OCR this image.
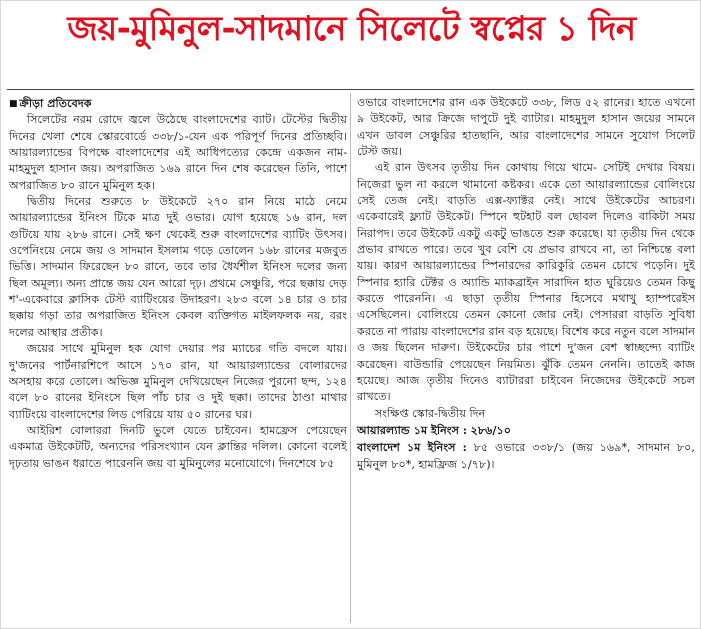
জয়-মুমিনুল-সাদমানে সিলেটে স্বপ্নের ১ দিন

■ ক্রীড়া প্রতিবেদক

সিলেটের নরম রোদে জ্বলে উঠেছে বাংলাদেশের ব্যাট। টেস্টের দ্বিতীয় দিনের খেলা শেষে স্কোরবোর্ডে ৩৩৮/১-যেন এক পরিপূর্ণ দিনের প্রতিচ্ছবি। আয়ারল্যান্ডের বিপক্ষে বাংলাদেশের এই আধিপত্যের কেন্দ্রে একজন নাম-মাহমুদুল হাসান জয়। অপরাজিত ১৬৯ রানে দিন শেষ করেছেন তিনি, পাশে অপরাজিত ৮০ রানে মুমিনুল হক।

দ্বিতীয় দিনের শুরুতে ৮ উইকেটে ২৭০ রান নিয়ে মাঠে নেমে আয়ারল্যান্ডের ইনিংস টিকে মাত্র দুই ওভার। যোগ হয়েছে ১৬ রান, দল গুটিয়ে যায় ২৮৬ রানে। সেই ক্ষণ থেকেই শুরু বাংলাদেশের ব্যাটিং উৎসব। ওপেনিংয়ে নেমে জয় ও সাদমান ইসলাম গড়ে তোলেন ১৬৮ রানের মজবুত ভিত্তি। সাদমান ফিরেছেন ৮০ রানে, তবে তার ধৈর্যশীল ইনিংস দলের জন্য ছিল অমূল্য। অন্য প্রান্তে জয় যেন আরো দৃঢ়। প্রথমে সেঞ্চুরি, পরে ছক্কায় দেড় শ'-একেবারে ক্লাসিক টেস্ট ব্যাটিংয়ের উদাহরণ। ২৮৩ বলে ১৪ চার ও চার ছক্কায় গড়া তার অপরাজিত ইনিংস কেবল ব্যক্তিগত মাইলফলক নয়, বরং দলের আস্থার প্রতীক।

জয়ের সাথে মুমিনুল হক যোগ দেয়ার পর ম্যাচের গতি বদলে যায়। দু'জনের পার্টনারশিপে আসে ১৭০ রান, যা আয়ারল্যান্ডের বোলারদের অসহায় করে তোলে। অভিজ্ঞ মুমিনুল দেখিয়েছেন নিজের পুরনো ছন্দ, ১২৪ বলে ৮০ রানের ইনিংসে ছিল পাঁচ চার ও দুই ছক্কা। তাদের ঠাণ্ডা মাথার ব্যাটিংয়ে বাংলাদেশের লিড পেরিয়ে যায় ৫০ রানের ঘর।

আইরিশ বোলাররা দিনটি ভুলে যেতে চাইবেন। হামফ্রেস পেয়েছেন একমাত্র উইকেটটি, অন্যদের পরিসংখ্যান যেন ক্লান্তির দলিল। কোনো বলেই দৃঢ়তায় ভাঙন ধরাতে পারেননি জয় বা মুমিনুলের মনোযোগে। দিনশেষে ৮৫

ওভারে বাংলাদেশের রান এক উইকেটে ৩৩৮, লিড ৫২ রানের। হাতে এখনো ৯ উইকেট, আর ক্রিজে দাপুটে দুই ব্যাটার। মাহমুদুল হাসান জয়ের সামনে এখন ডাবল সেঞ্চুরির হাতছানি, আর বাংলাদেশের সামনে সুযোগ সিলেট টেস্ট জয়।

এই রান উৎসব তৃতীয় দিন কোথায় গিয়ে থামে- সেটিই দেখার বিষয়। নিজেরা ভুল না করলে থামানো কষ্টকর। একে তো আয়ারল্যান্ডের বোলিংয়ে সেই তেজ নেই। বাড়তি এক্স-ফ্যাক্টর নেই। সাথে উইকেটের আচরণ। একেবারেই ফ্ল্যাট উইকেট। স্পিনে হুটহাট বল ছোবল দিলেও বাকিটা সময় নিরাপদ। তবে উইকেট একটু একটু ভাঙতে শুরু করেছে। যা তৃতীয় দিন থেকে প্রভাব রাখতে পারে। তবে খুব বেশি যে প্রভাব রাখবে না, তা নিশ্চিন্তে বলা যায়। কারণ আয়ারল্যান্ডের স্পিনারদের কারিকুরি তেমন চোখে পড়েনি। দুই স্পিনার হ্যারি টেক্টর ও অ্যান্ডি ম্যাকব্রাইন সারাদিন হাত ঘুরিয়েও তেমন কিছু করতে পারেননি। এ ছাড়া তৃতীয় স্পিনার হিসেবে মথাখু হ্যাম্পরেইস এসেছিলেন। বোলিংয়ে তেমন কোনো জোর নেই। পেসাররা বাড়তি সুবিধা করতে না পারায় বাংলাদেশের রান বড় হয়েছে। বিশেষ করে নতুন বলে সাদমান ও জয় ছিলেন দারুণ। উইকেটের চার পাশে দু'জন বেশ স্বাচ্ছন্দ্যে ব্যাটিং করেছেন। বাউন্ডারি পেয়েছেন নিয়মিত। ঝুঁকি তেমন নেননি। তাতেই কাজ হয়েছে। আজ তৃতীয় দিনেও ব্যাটাররা চাইবেন নিজেদের উইকেটে সচল রাখতে।

সংক্ষিপ্ত স্কোর-দ্বিতীয় দিন

আয়ারল্যান্ড ১ম ইনিংস : ২৮৬/১০

বাংলাদেশ ১ম ইনিংস : ৮৫ ওভারে ৩৩৮/১ (জয় ১৬৯*, সাদমান ৮০, মুমিনুল ৮০*, হামফ্রিজ ১/৭৮)।
